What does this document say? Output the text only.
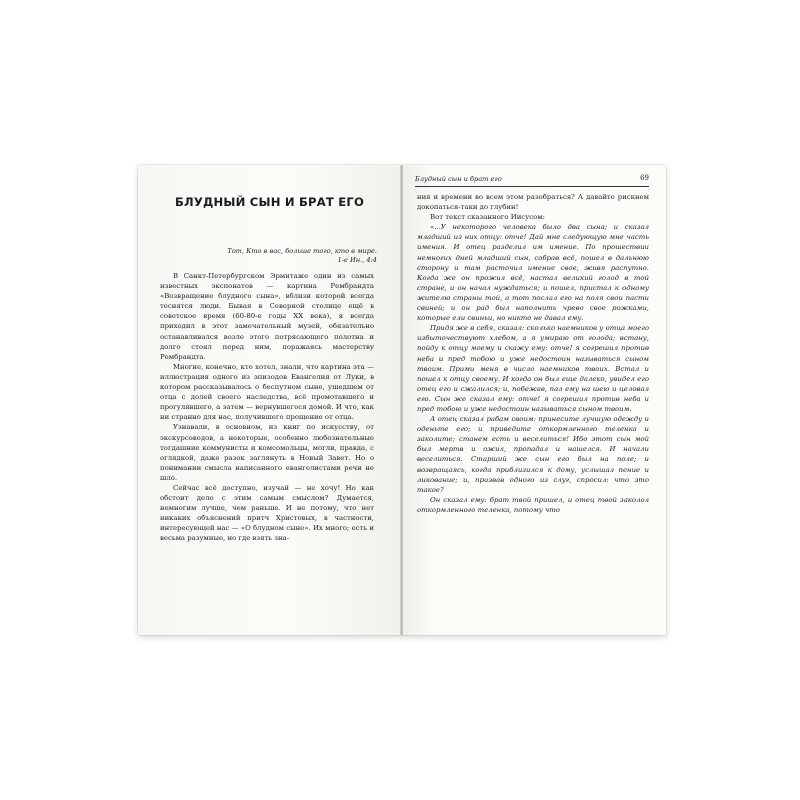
БЛУДНЫЙ СЫН И БРАТ ЕГО
Тот, Кто в вас, больше того, кто в мире.
1-е Ин., 4:4

В Санкт-Петербургском Эрмитаже один из самых известных экспонатов — картина Рембрандта «Возвращение блудного сына», вблизи которой всегда теснятся люди. Бывая в Северной столице ещё в советское время (60-80-е годы XX века), я всегда приходил в этот замечательный музей, обязательно останавливался возле этого потрясающего полотна и долго стоял перед ним, поражаясь мастерству Рембрандта.

Многие, конечно, кто хотел, знали, что картина эта — иллюстрация одного из эпизодов Евангелия от Луки, в котором рассказывалось о беспутном сыне, ушедшем от отца с долей своего наследства, всё промотавшего и прогулявшего, а затем — вернувшегося домой. И что, как ни странно для нас, получившего прощение от отца.

Узнавали, в основном, из книг по искусству, от экскурсоводов, а некоторые, особенно любознательные тогдашние коммунисты и комсомольцы, могли, правда, с оглядкой, даже разок заглянуть в Новый Завет. Но о понимании смысла написанного евангелистами речи не шло.

Сейчас всё доступно, изучай — не хочу! Но как обстоит дело с этим самым смыслом? Думается, немногим лучше, чем раньше. И не потому, что нет никаких объяснений притч Христовых, в частности, интересующей нас — «О блудном сыне». Их много; есть и весьма разумные, но где взять зна-

Блудный сын и брат его	69

ния и времени во всем этом разобраться? А давайте рискнем докопаться-таки до глубин!

Вот текст сказанного Иисусом:

«...У некоторого человека было два сына; и сказал младший из них отцу: отче! Дай мне следующую мне часть имения. И отец разделил им имение. По прошествии немногих дней младший сын, собрав всё, пошел в дальнюю сторону и там расточил имение свое, живя распутно. Когда же он прожил всё, настал великий голод в той стране, и он начал нуждаться; и пошел, пристал к одному жителю страны той, а тот послал его на поля свои пасти свиней; и он рад был наполнить чрево свое рожками, которые ели свиньи, но никто не давал ему.

Придя же в себя, сказал: сколько наемников у отца моего избыточествуют хлебом, а я умираю от голода; встану, пойду к отцу моему и скажу ему: отче! я согрешил против неба и пред тобою и уже недостоин называться сыном твоим. Прими меня в число наемников твоих. Встал и пошел к отцу своему. И когда он был еще далеко, увидел его отец его и сжалился; и, побежав, пал ему на шею и целовал его. Сын же сказал ему: отче! я согрешил против неба и пред тобою и уже недостоин называться сыном твоим.

А отец сказал рабам своим: принесите лучшую одежду и оденьте его; и приведите откормленного теленка и заколите; станем есть и веселиться! Ибо этот сын мой был мертв и ожил, пропадал и нашелся. И начали веселиться. Старший же сын его был на поле; и возвращаясь, когда приблизился к дому, услышал пение и ликование; и, призвав одного из слуг, спросил: что это такое?

Он сказал ему: брат твой пришел, и отец твой заколол откормленного теленка, потому что
